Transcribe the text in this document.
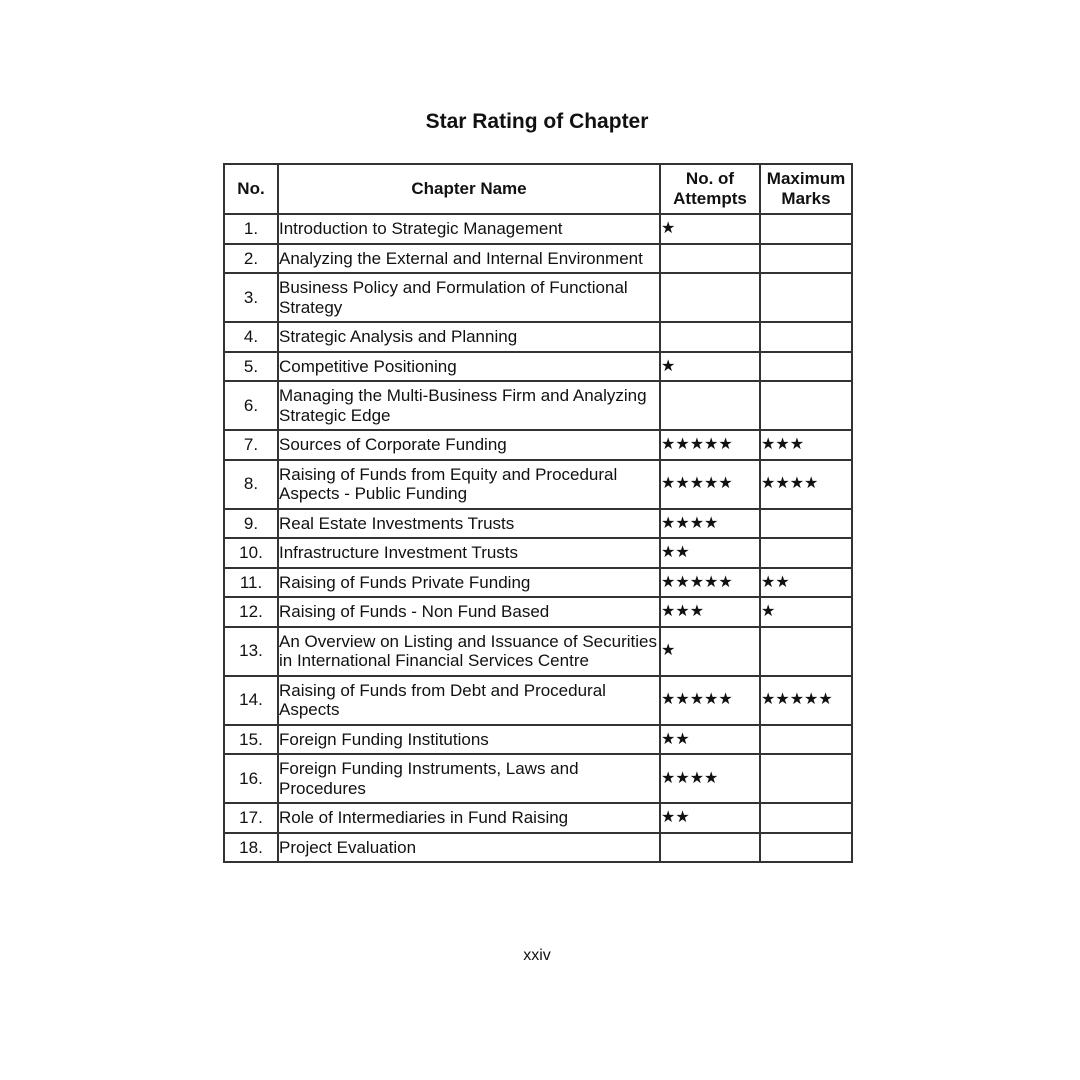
Star Rating of Chapter
No.	Chapter Name	No. of Attempts	Maximum Marks
1.	Introduction to Strategic Management	★	
2.	Analyzing the External and Internal Environment		
3.	Business Policy and Formulation of Functional Strategy		
4.	Strategic Analysis and Planning		
5.	Competitive Positioning	★	
6.	Managing the Multi-Business Firm and Analyzing Strategic Edge		
7.	Sources of Corporate Funding	★★★★★	★★★
8.	Raising of Funds from Equity and Procedural Aspects - Public Funding	★★★★★	★★★★
9.	Real Estate Investments Trusts	★★★★	
10.	Infrastructure Investment Trusts	★★	
11.	Raising of Funds Private Funding	★★★★★	★★
12.	Raising of Funds - Non Fund Based	★★★	★
13.	An Overview on Listing and Issuance of Securities in International Financial Services Centre	★	
14.	Raising of Funds from Debt and Procedural Aspects	★★★★★	★★★★★
15.	Foreign Funding Institutions	★★	
16.	Foreign Funding Instruments, Laws and Procedures	★★★★	
17.	Role of Intermediaries in Fund Raising	★★	
18.	Project Evaluation		
xxiv
